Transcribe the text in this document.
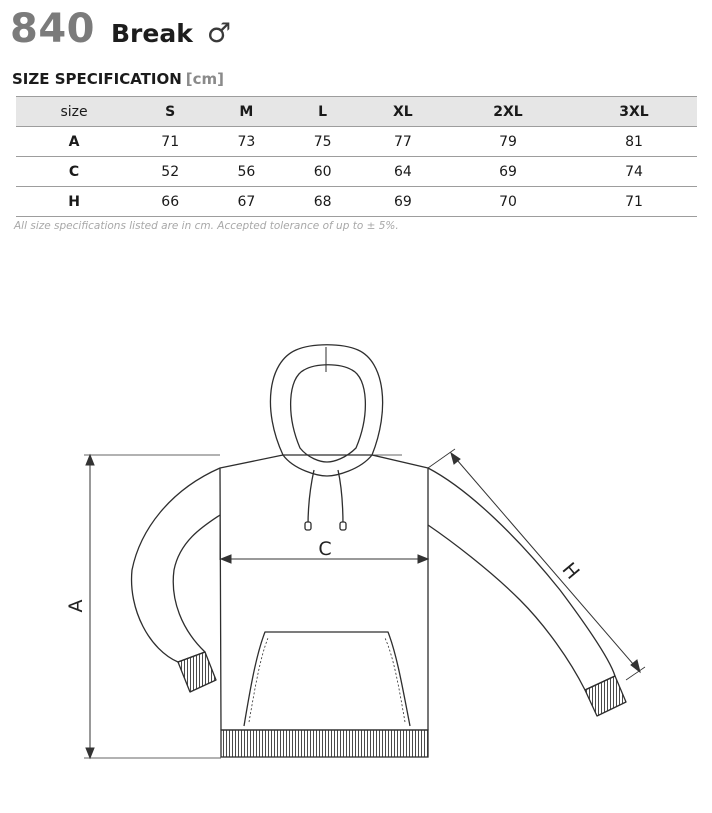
840 Break ♂
SIZE SPECIFICATION [cm]
size	S	M	L	XL	2XL	3XL
A	71	73	75	77	79	81
C	52	56	60	64	69	74
H	66	67	68	69	70	71
All size specifications listed are in cm. Accepted tolerance of up to ± 5%.
A
C
H
